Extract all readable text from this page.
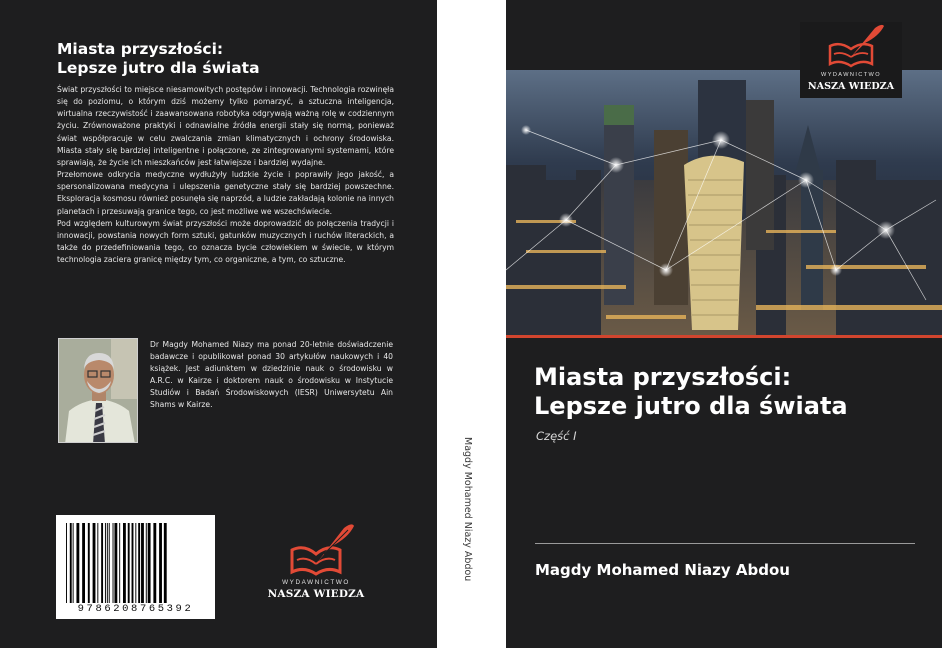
Miasta przyszłości:
Lepsze jutro dla świata

Świat przyszłości to miejsce niesamowitych postępów i innowacji. Technologia rozwinęła się do poziomu, o którym dziś możemy tylko pomarzyć, a sztuczna inteligencja, wirtualna rzeczywistość i zaawansowana robotyka odgrywają ważną rolę w codziennym życiu. Zrównoważone praktyki i odnawialne źródła energii stały się normą, ponieważ świat współpracuje w celu zwalczania zmian klimatycznych i ochrony środowiska. Miasta stały się bardziej inteligentne i połączone, ze zintegrowanymi systemami, które sprawiają, że życie ich mieszkańców jest łatwiejsze i bardziej wydajne.

Przełomowe odkrycia medyczne wydłużyły ludzkie życie i poprawiły jego jakość, a spersonalizowana medycyna i ulepszenia genetyczne stały się bardziej powszechne. Eksploracja kosmosu również posunęła się naprzód, a ludzie zakładają kolonie na innych planetach i przesuwają granice tego, co jest możliwe we wszechświecie.

Pod względem kulturowym świat przyszłości może doprowadzić do połączenia tradycji i innowacji, powstania nowych form sztuki, gatunków muzycznych i ruchów literackich, a także do przedefiniowania tego, co oznacza bycie człowiekiem w świecie, w którym technologia zaciera granicę między tym, co organiczne, a tym, co sztuczne.

Dr Magdy Mohamed Niazy ma ponad 20-letnie doświadczenie badawcze i opublikował ponad 30 artykułów naukowych i 40 książek. Jest adiunktem w dziedzinie nauk o środowisku w A.R.C. w Kairze i doktorem nauk o środowisku w Instytucie Studiów i Badań Środowiskowych (IESR) Uniwersytetu Ain Shams w Kairze.
9786208765392
WYDAWNICTWO
NASZA WIEDZA
Magdy Mohamed Niazy Abdou
WYDAWNICTWO
NASZA WIEDZA
Miasta przyszłości:
Lepsze jutro dla świata
Część I
Magdy Mohamed Niazy Abdou
